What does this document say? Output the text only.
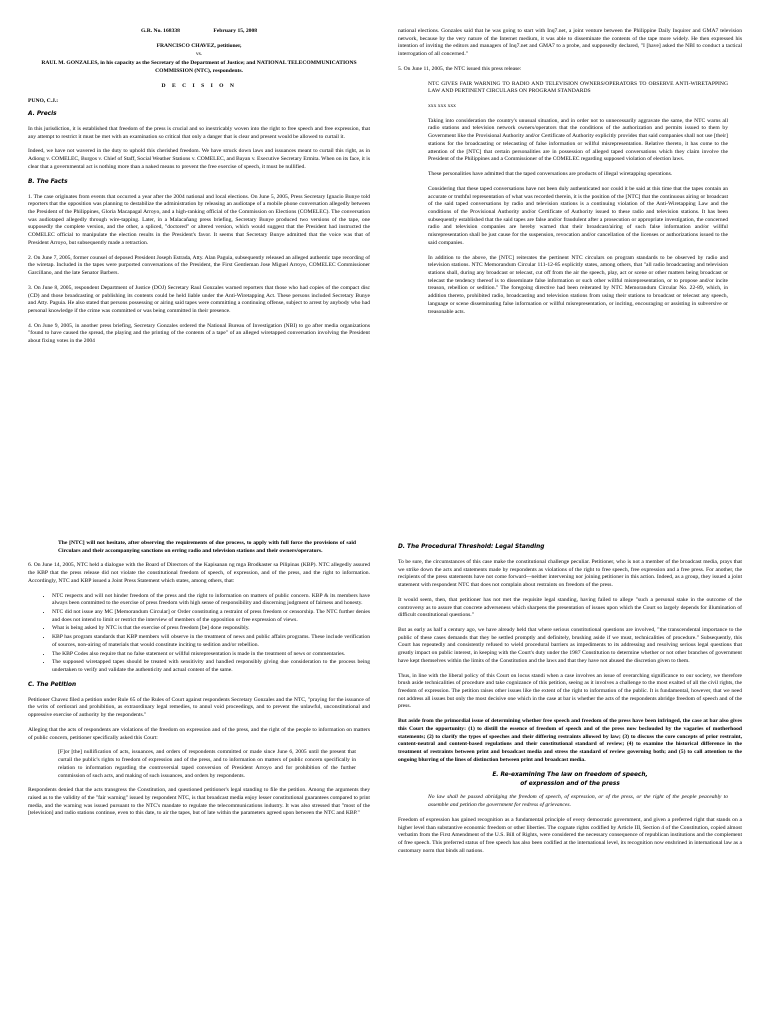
G.R. No. 168338	February 15, 2008
FRANCISCO CHAVEZ, petitioner,
vs.
RAUL M. GONZALES, in his capacity as the Secretary of the Department of Justice; and NATIONAL TELECOMMUNICATIONS COMMISSION (NTC), respondents.
D E C I S I O N
PUNO, C.J.:
A. Precis

In this jurisdiction, it is established that freedom of the press is crucial and so inextricably woven into the right to free speech and free expression, that any attempt to restrict it must be met with an examination so critical that only a danger that is clear and present would be allowed to curtail it.

Indeed, we have not wavered in the duty to uphold this cherished freedom. We have struck down laws and issuances meant to curtail this right, as in Adiong v. COMELEC, Burgos v. Chief of Staff, Social Weather Stations v. COMELEC, and Bayan v. Executive Secretary Ermita. When on its face, it is clear that a governmental act is nothing more than a naked means to prevent the free exercise of speech, it must be nullified.

B. The Facts

1. The case originates from events that occurred a year after the 2004 national and local elections. On June 5, 2005, Press Secretary Ignacio Bunye told reporters that the opposition was planning to destabilize the administration by releasing an audiotape of a mobile phone conversation allegedly between the President of the Philippines, Gloria Macapagal Arroyo, and a high-ranking official of the Commission on Elections (COMELEC). The conversation was audiotaped allegedly through wire-tapping. Later, in a Malacañang press briefing, Secretary Bunye produced two versions of the tape, one supposedly the complete version, and the other, a spliced, "doctored" or altered version, which would suggest that the President had instructed the COMELEC official to manipulate the election results in the President's favor. It seems that Secretary Bunye admitted that the voice was that of President Arroyo, but subsequently made a retraction.

2. On June 7, 2005, former counsel of deposed President Joseph Estrada, Atty. Alan Paguia, subsequently released an alleged authentic tape recording of the wiretap. Included in the tapes were purported conversations of the President, the First Gentleman Jose Miguel Arroyo, COMELEC Commissioner Garcillano, and the late Senator Barbers.

3. On June 8, 2005, respondent Department of Justice (DOJ) Secretary Raul Gonzales warned reporters that those who had copies of the compact disc (CD) and those broadcasting or publishing its contents could be held liable under the Anti-Wiretapping Act. These persons included Secretary Bunye and Atty. Paguia. He also stated that persons possessing or airing said tapes were committing a continuing offense, subject to arrest by anybody who had personal knowledge if the crime was committed or was being committed in their presence.

4. On June 9, 2005, in another press briefing, Secretary Gonzales ordered the National Bureau of Investigation (NBI) to go after media organizations "found to have caused the spread, the playing and the printing of the contents of a tape" of an alleged wiretapped conversation involving the President about fixing votes in the 2004

national elections. Gonzales said that he was going to start with Inq7.net, a joint venture between the Philippine Daily Inquirer and GMA7 television network, because by the very nature of the Internet medium, it was able to disseminate the contents of the tape more widely. He then expressed his intention of inviting the editors and managers of Inq7.net and GMA7 to a probe, and supposedly declared, "I [have] asked the NBI to conduct a tactical interrogation of all concerned."

5. On June 11, 2005, the NTC issued this press release:

NTC GIVES FAIR WARNING TO RADIO AND TELEVISION OWNERS/OPERATORS TO OBSERVE ANTI-WIRETAPPING LAW AND PERTINENT CIRCULARS ON PROGRAM STANDARDS
xxx xxx xxx
Taking into consideration the country's unusual situation, and in order not to unnecessarily aggravate the same, the NTC warns all radio stations and television network owners/operators that the conditions of the authorization and permits issued to them by Government like the Provisional Authority and/or Certificate of Authority explicitly provides that said companies shall not use [their] stations for the broadcasting or telecasting of false information or willful misrepresentation. Relative thereto, it has come to the attention of the [NTC] that certain personalities are in possession of alleged taped conversations which they claim involve the President of the Philippines and a Commissioner of the COMELEC regarding supposed violation of election laws.
These personalities have admitted that the taped conversations are products of illegal wiretapping operations.
Considering that these taped conversations have not been duly authenticated nor could it be said at this time that the tapes contain an accurate or truthful representation of what was recorded therein, it is the position of the [NTC] that the continuous airing or broadcast of the said taped conversations by radio and television stations is a continuing violation of the Anti-Wiretapping Law and the conditions of the Provisional Authority and/or Certificate of Authority issued to these radio and television stations. It has been subsequently established that the said tapes are false and/or fraudulent after a prosecution or appropriate investigation, the concerned radio and television companies are hereby warned that their broadcast/airing of such false information and/or willful misrepresentation shall be just cause for the suspension, revocation and/or cancellation of the licenses or authorizations issued to the said companies.
In addition to the above, the [NTC] reiterates the pertinent NTC circulars on program standards to be observed by radio and television stations. NTC Memorandum Circular 111-12-85 explicitly states, among others, that "all radio broadcasting and television stations shall, during any broadcast or telecast, cut off from the air the speech, play, act or scene or other matters being broadcast or telecast the tendency thereof is to disseminate false information or such other willful misrepresentation, or to propose and/or incite treason, rebellion or sedition." The foregoing directive had been reiterated by NTC Memorandum Circular No. 22-89, which, in addition thereto, prohibited radio, broadcasting and television stations from using their stations to broadcast or telecast any speech, language or scene disseminating false information or willful misrepresentation, or inciting, encouraging or assisting in subversive or treasonable acts.
The [NTC] will not hesitate, after observing the requirements of due process, to apply with full force the provisions of said Circulars and their accompanying sanctions on erring radio and television stations and their owners/operators.

6. On June 14, 2005, NTC held a dialogue with the Board of Directors of the Kapisanan ng mga Brodkaster sa Pilipinas (KBP). NTC allegedly assured the KBP that the press release did not violate the constitutional freedom of speech, of expression, and of the press, and the right to information. Accordingly, NTC and KBP issued a Joint Press Statement which states, among others, that:

• NTC respects and will not hinder freedom of the press and the right to information on matters of public concern. KBP & its members have always been committed to the exercise of press freedom with high sense of responsibility and discerning judgment of fairness and honesty.
• NTC did not issue any MC [Memorandum Circular] or Order constituting a restraint of press freedom or censorship. The NTC further denies and does not intend to limit or restrict the interview of members of the opposition or free expression of views.
• What is being asked by NTC is that the exercise of press freedom [be] done responsibly.
• KBP has program standards that KBP members will observe in the treatment of news and public affairs programs. These include verification of sources, non-airing of materials that would constitute inciting to sedition and/or rebellion.
• The KBP Codes also require that no false statement or willful misrepresentation is made in the treatment of news or commentaries.
• The supposed wiretapped tapes should be treated with sensitivity and handled responsibly giving due consideration to the process being undertaken to verify and validate the authenticity and actual content of the same.
C. The Petition

Petitioner Chavez filed a petition under Rule 65 of the Rules of Court against respondents Secretary Gonzales and the NTC, "praying for the issuance of the writs of certiorari and prohibition, as extraordinary legal remedies, to annul void proceedings, and to prevent the unlawful, unconstitutional and oppressive exercise of authority by the respondents."

Alleging that the acts of respondents are violations of the freedom on expression and of the press, and the right of the people to information on matters of public concern, petitioner specifically asked this Court:

[F]or [the] nullification of acts, issuances, and orders of respondents committed or made since June 6, 2005 until the present that curtail the public's rights to freedom of expression and of the press, and to information on matters of public concern specifically in relation to information regarding the controversial taped conversion of President Arroyo and for prohibition of the further commission of such acts, and making of such issuances, and orders by respondents.

Respondents denied that the acts transgress the Constitution, and questioned petitioner's legal standing to file the petition. Among the arguments they raised as to the validity of the "fair warning" issued by respondent NTC, is that broadcast media enjoy lesser constitutional guarantees compared to print media, and the warning was issued pursuant to the NTC's mandate to regulate the telecommunications industry. It was also stressed that "most of the [television] and radio stations continue, even to this date, to air the tapes, but of late within the parameters agreed upon between the NTC and KBP."

D. The Procedural Threshold: Legal Standing

To be sure, the circumstances of this case make the constitutional challenge peculiar. Petitioner, who is not a member of the broadcast media, prays that we strike down the acts and statements made by respondents as violations of the right to free speech, free expression and a free press. For another, the recipients of the press statements have not come forward—neither intervening nor joining petitioner in this action. Indeed, as a group, they issued a joint statement with respondent NTC that does not complain about restraints on freedom of the press.

It would seem, then, that petitioner has not met the requisite legal standing, having failed to allege "such a personal stake in the outcome of the controversy as to assure that concrete adverseness which sharpens the presentation of issues upon which the Court so largely depends for illumination of difficult constitutional questions."

But as early as half a century ago, we have already held that where serious constitutional questions are involved, "the transcendental importance to the public of these cases demands that they be settled promptly and definitely, brushing aside if we must, technicalities of procedure." Subsequently, this Court has repeatedly and consistently refused to wield procedural barriers as impediments to its addressing and resolving serious legal questions that greatly impact on public interest, in keeping with the Court's duty under the 1987 Constitution to determine whether or not other branches of government have kept themselves within the limits of the Constitution and the laws and that they have not abused the discretion given to them.

Thus, in line with the liberal policy of this Court on locus standi when a case involves an issue of overarching significance to our society, we therefore brush aside technicalities of procedure and take cognizance of this petition, seeing as it involves a challenge to the most exalted of all the civil rights, the freedom of expression. The petition raises other issues like the extent of the right to information of the public. It is fundamental, however, that we need not address all issues but only the most decisive one which in the case at bar is whether the acts of the respondents abridge freedom of speech and of the press.

But aside from the primordial issue of determining whether free speech and freedom of the press have been infringed, the case at bar also gives this Court the opportunity: (1) to distill the essence of freedom of speech and of the press now beclouded by the vagaries of motherhood statements; (2) to clarify the types of speeches and their differing restraints allowed by law; (3) to discuss the core concepts of prior restraint, content-neutral and content-based regulations and their constitutional standard of review; (4) to examine the historical difference in the treatment of restraints between print and broadcast media and stress the standard of review governing both; and (5) to call attention to the ongoing blurring of the lines of distinction between print and broadcast media.

E. Re-examining The law on freedom of speech,
of expression and of the press
No law shall be passed abridging the freedom of speech, of expression, or of the press, or the right of the people peaceably to assemble and petition the government for redress of grievances.

Freedom of expression has gained recognition as a fundamental principle of every democratic government, and given a preferred right that stands on a higher level than substantive economic freedom or other liberties. The cognate rights codified by Article III, Section 4 of the Constitution, copied almost verbatim from the First Amendment of the U.S. Bill of Rights, were considered the necessary consequence of republican institutions and the complement of free speech. This preferred status of free speech has also been codified at the international level, its recognition now enshrined in international law as a customary norm that binds all nations.
